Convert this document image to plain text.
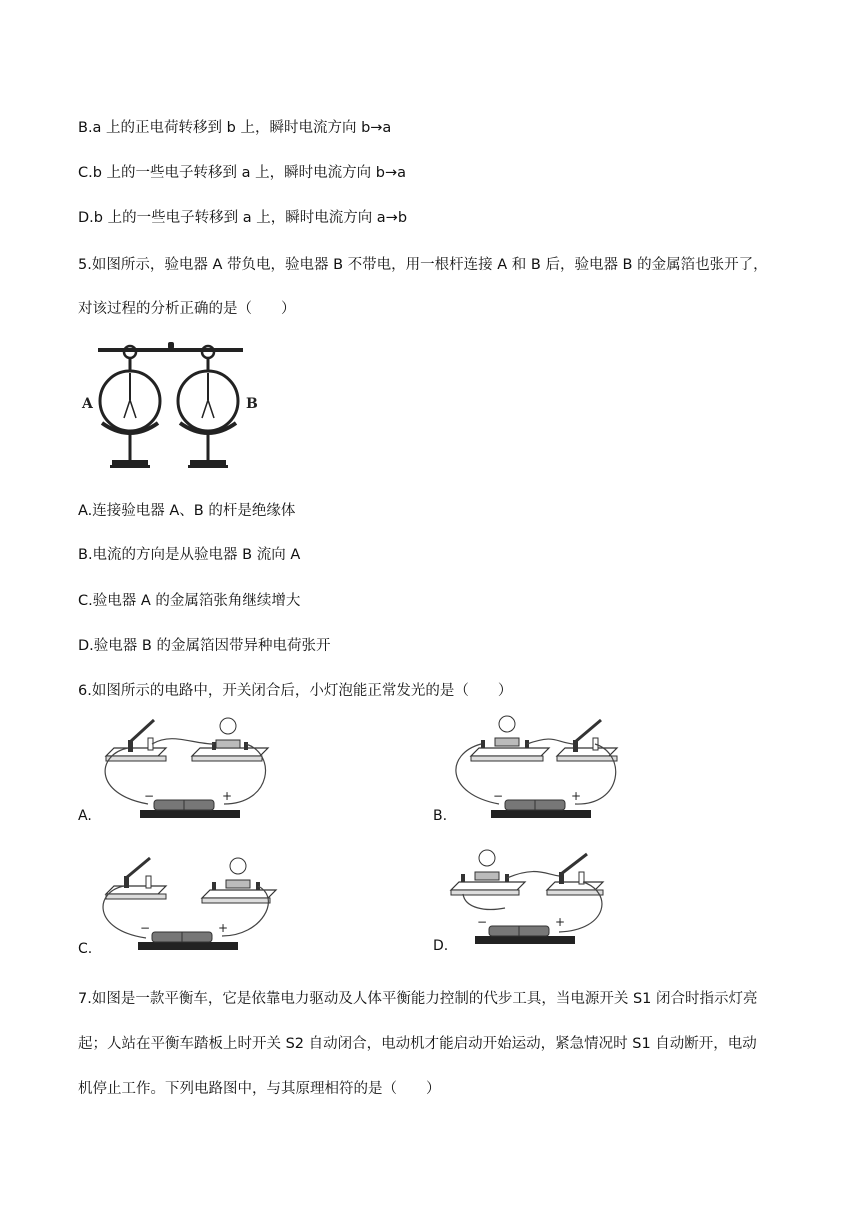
B.a 上的正电荷转移到 b 上，瞬时电流方向 b→a
C.b 上的一些电子转移到 a 上，瞬时电流方向 b→a
D.b 上的一些电子转移到 a 上，瞬时电流方向 a→b
5.如图所示，验电器 A 带负电，验电器 B 不带电，用一根杆连接 A 和 B 后，验电器 B 的金属箔也张开了，
对该过程的分析正确的是（　　）
A	B
A.连接验电器 A、B 的杆是绝缘体
B.电流的方向是从验电器 B 流向 A
C.验电器 A 的金属箔张角继续增大
D.验电器 B 的金属箔因带异种电荷张开
6.如图所示的电路中，开关闭合后，小灯泡能正常发光的是（　　）
−	+
A.
−	+
B.
−	+
C.
−	+
D.
7.如图是一款平衡车，它是依靠电力驱动及人体平衡能力控制的代步工具，当电源开关 S1 闭合时指示灯亮
起；人站在平衡车踏板上时开关 S2 自动闭合，电动机才能启动开始运动，紧急情况时 S1 自动断开，电动
机停止工作。下列电路图中，与其原理相符的是（　　）
